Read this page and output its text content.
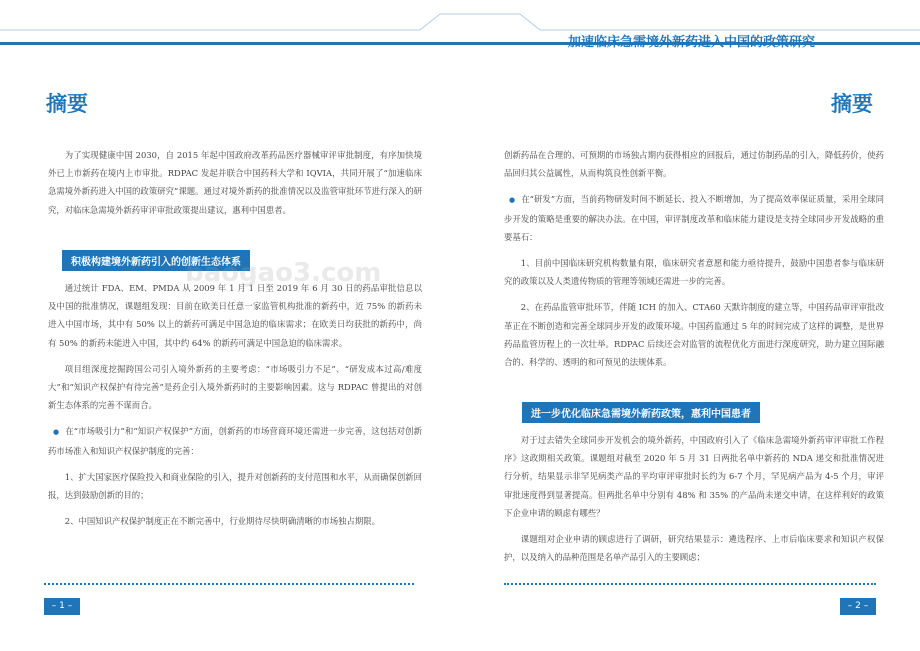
摘要

为了实现健康中国 2030，自 2015 年起中国政府改革药品医疗器械审评审批制度，有序加快境外已上市新药在境内上市审批。RDPAC 发起并联合中国药科大学和 IQVIA，共同开展了“加速临床急需境外新药进入中国的政策研究”课题。通过对境外新药的批准情况以及监管审批环节进行深入的研究，对临床急需境外新药审评审批政策提出建议，惠利中国患者。

积极构建境外新药引入的创新生态体系

通过统计 FDA、EM、PMDA 从 2009 年 1 月 1 日至 2019 年 6 月 30 日的药品审批信息以及中国的批准情况，课题组发现：目前在欧美日任意一家监管机构批准的新药中，近 75% 的新药未进入中国市场，其中有 50% 以上的新药可满足中国急迫的临床需求；在欧美日均获批的新药中，尚有 50% 的新药未能进入中国，其中约 64% 的新药可满足中国急迫的临床需求。

项目组深度挖掘跨国公司引入境外新药的主要考虑：“市场吸引力不足”、“研发成本过高/难度大”和“知识产权保护有待完善”是药企引入境外新药时的主要影响因素。这与 RDPAC 曾提出的对创新生态体系的完善不谋而合。

● 在“市场吸引力”和“知识产权保护”方面，创新药的市场营商环境还需进一步完善，这包括对创新药市场准入和知识产权保护制度的完善：

1、扩大国家医疗保险投入和商业保险的引入，提升对创新药的支付范围和水平，从而确保创新回报，达到鼓励创新的目的；

2、中国知识产权保护制度正在不断完善中，行业期待尽快明确清晰的市场独占期限。

baogao3.com
– 1 –
加速临床急需境外新药进入中国的政策研究
摘要

创新药品在合理的、可预期的市场独占期内获得相应的回报后，通过仿制药品的引入，降低药价，使药品回归其公益属性，从而构筑良性创新平衡。

● 在“研发”方面，当前药物研发时间不断延长、投入不断增加，为了提高效率保证质量，采用全球同步开发的策略是重要的解决办法。在中国，审评制度改革和临床能力建设是支持全球同步开发战略的重要基石：

1、目前中国临床研究机构数量有限，临床研究者意愿和能力亟待提升，鼓励中国患者参与临床研究的政策以及人类遗传物质的管理等领域还需进一步的完善。

2、在药品监管审批环节，伴随 ICH 的加入、CTA60 天默许制度的建立等，中国药品审评审批改革正在不断创造和完善全球同步开发的政策环境。中国药监通过 5 年的时间完成了这样的调整，是世界药品监管历程上的一次壮举。RDPAC 后续还会对监管的流程优化方面进行深度研究，助力建立国际融合的、科学的、透明的和可预见的法规体系。

进一步优化临床急需境外新药政策，惠利中国患者

对于过去错失全球同步开发机会的境外新药，中国政府引入了《临床急需境外新药审评审批工作程序》这政期相关政策。课题组对截至 2020 年 5 月 31 日两批名单中新药的 NDA 递交和批准情况进行分析，结果显示非罕见病类产品的平均审评审批时长约为 6-7 个月，罕见病产品为 4-5 个月，审评审批速度得到显著提高。但两批名单中分别有 48% 和 35% 的产品尚未递交申请，在这样利好的政策下企业申请的顾虑有哪些？

课题组对企业申请的顾虑进行了调研，研究结果显示：遴选程序、上市后临床要求和知识产权保护，以及纳入的品种范围是名单产品引入的主要顾虑；

– 2 –
